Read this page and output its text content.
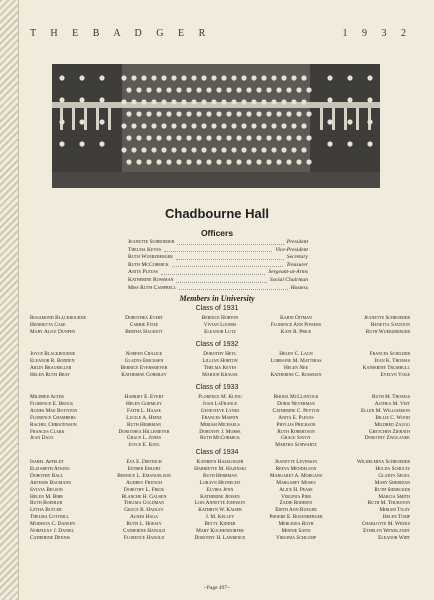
T H E B A D G E R	1 9 3 2
Chadbourne Hall
Officers
Jeanette Schroeder	President
Thelma Keyes	Vice-President
Ruth Wuerzberger	Secretary
Ruth McCormick	Treasurer
Anita Pleuss	Sergeant-at-Arms
Katherine Rossman	Social Chairman
Miss Ruth Campbell	Hostess
Members in University
Class of 1931
Rosamond Blackbourne
Henrietta Case
Mary Alice Dunphy
Dorothea Evert
Carrie Fitze
Bertha Hackett
Bernice Horton
Vivian Loomis
Eleanor Lutz
Karin Oitman
Florence Ann Powers
Kate R. Price
Jeanette Schroeder
Renetta Stanton
Ruth Wuerzberger
Class of 1932
Joyce Blackbourne
Eleanor R. Bodden
Arlin Braumiller
Helen Ruth Bray
Noreen Chalice
Gladys Ericksen
Bernice Eversmeyer
Katherine Gormley
Dorothy Heyl
Lillian Horton
Thelma Keyes
Marion Krause
Helen C. Laun
Lorraine M. Matthias
Helen Nee
Katherine C. Rossman
Frances Schilder
Jean K. Thomas
Katherine Trumbull
Evelyn Voge
Class of 1933
Mildred Alter
Florence E. Brock
Agnes Mae Boynton
Florence Chambers
Rachel Christenson
Frances Clark
Jean Daus
Harriet E. Evert
Helen Gormley
Faith L. Haase
Lucile A. Heinz
Ruth Herrman
Dorothea Hillemeyer
Grace L. Jones
Joyce E. King
Florence M. Kling
Joan LaFrance
Genevieve Lynes
Frances Martin
Miriam Michaels
Dorothy J. Morse
Ruth McCormick
Rhoda McClintock
Doris Neverman
Catherine C. Peyton
Anita E. Pleuss
Phyllis Prickson
Ruth Robertson
Grace Savoy
Martha Schwartz
Ruth M. Thomas
Althea M. Veit
Ellen M. Williamson
Billie C. Wood
Mildred Zaugg
Gretchen Zierath
Dorothy Zwolanek
Class of 1934
Isabel Affeldt
Elizabeth Atkins
Dorothy Ball
Artemis Baumann
Sylvia Belson
Helen M. Birr
Ruth Boehler
Letha Butler
Thelma Cottrill
Modesta C. Danehy
Norplexy J. Daniel
Catherine Dennis
Eva E. Dietrich
Esther Ehlert
Bernice L. Emanuelson
Audrey Fritsch
Dorothy L. Frick
Blanche H. Gausen
Thelma Goldman
Grace B. Hadley
Agnes Haga
Ruth L. Hoesly
Catherine Hanold
Florence Hanold
Kathryn Hasslinger
Harriette M. Hazinski
Ruth Herrman
Lorayn Heyrecht
Elvira Jenn
Katherine Jensen
Lois Annette Johnson
Kathryn W. Kaiser
J. M. Kelley
Betty Kidder
Mary Kochendorfer
Dorothy H. Lawrence
Jeanette Levinson
Reeva Mendelson
Margaret A. Morgans
Margaret Moses
Alice H. Pease
Virginia Pier
Zadie Roberts
Edith Ann Rueger
Phoebe E. Rosenberger
Mercedia Roth
Minnie Satin
Virginia Schlump
Wilhelmina Schroeder
Hulda Schultz
Gladys Seuel
Mary Sheridan
Ruth Siebecker
Marcia Smith
Ruth M. Thurston
Miriam Tigay
Helen Tomp
Charlotte M. Weeks
Ethelyn Wendlandt
Eleanor Wirt
~Page 497~
